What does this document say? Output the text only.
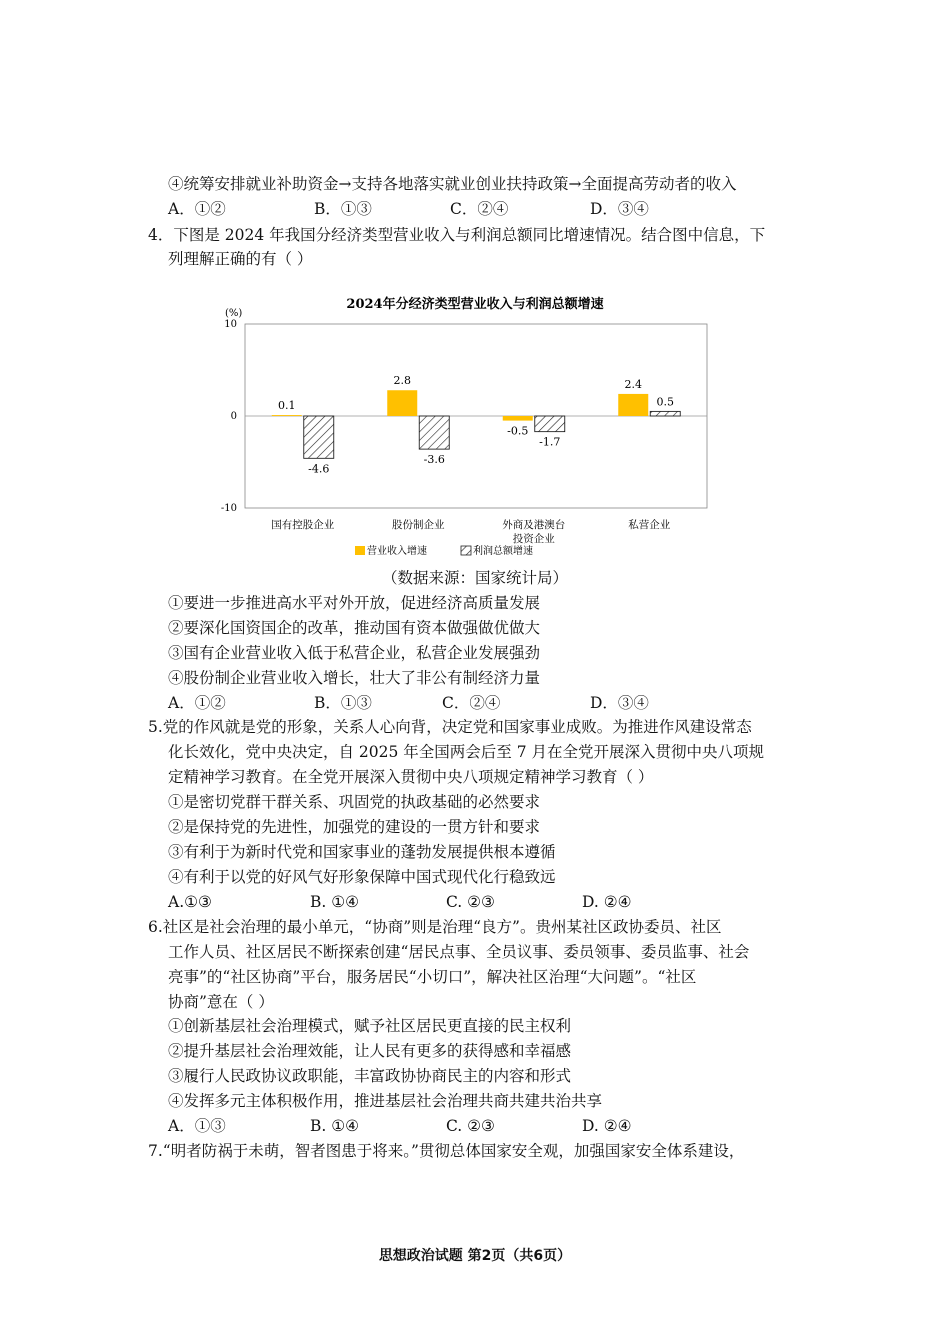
④统筹安排就业补助资金→支持各地落实就业创业扶持政策→全面提高劳动者的收入
A．①②	B．①③	C．②④	D．③④
4．下图是 2024 年我国分经济类型营业收入与利润总额同比增速情况。结合图中信息，下
列理解正确的有（ ）
2024年分经济类型营业收入与利润总额增速
(%)
10
0
-10
0.1
-4.6
2.8
-3.6
-0.5
-1.7
2.4
0.5
国有控股企业	股份制企业	外商及港澳台
投资企业
私营企业
营业收入增速	利润总额增速
（数据来源：国家统计局）
①要进一步推进高水平对外开放，促进经济高质量发展
②要深化国资国企的改革，推动国有资本做强做优做大
③国有企业营业收入低于私营企业，私营企业发展强劲
④股份制企业营业收入增长，壮大了非公有制经济力量
A．①②	B．①③	C．②④	D．③④
5.党的作风就是党的形象，关系人心向背，决定党和国家事业成败。为推进作风建设常态
化长效化，党中央决定，自 2025 年全国两会后至 7 月在全党开展深入贯彻中央八项规
定精神学习教育。在全党开展深入贯彻中央八项规定精神学习教育（ ）
①是密切党群干群关系、巩固党的执政基础的必然要求
②是保持党的先进性，加强党的建设的一贯方针和要求
③有利于为新时代党和国家事业的蓬勃发展提供根本遵循
④有利于以党的好风气好形象保障中国式现代化行稳致远
A.①③	B. ①④	C. ②③	D. ②④
6.社区是社会治理的最小单元，“协商”则是治理“良方”。贵州某社区政协委员、社区
工作人员、社区居民不断探索创建“居民点事、全员议事、委员领事、委员监事、社会
亮事”的“社区协商”平台，服务居民“小切口”，解决社区治理“大问题”。“社区
协商”意在（ ）
①创新基层社会治理模式，赋予社区居民更直接的民主权利
②提升基层社会治理效能，让人民有更多的获得感和幸福感
③履行人民政协议政职能，丰富政协协商民主的内容和形式
④发挥多元主体积极作用，推进基层社会治理共商共建共治共享
A．①③	B. ①④	C. ②③	D. ②④
7.“明者防祸于未萌，智者图患于将来。”贯彻总体国家安全观，加强国家安全体系建设，
思想政治试题 第2页（共6页）
